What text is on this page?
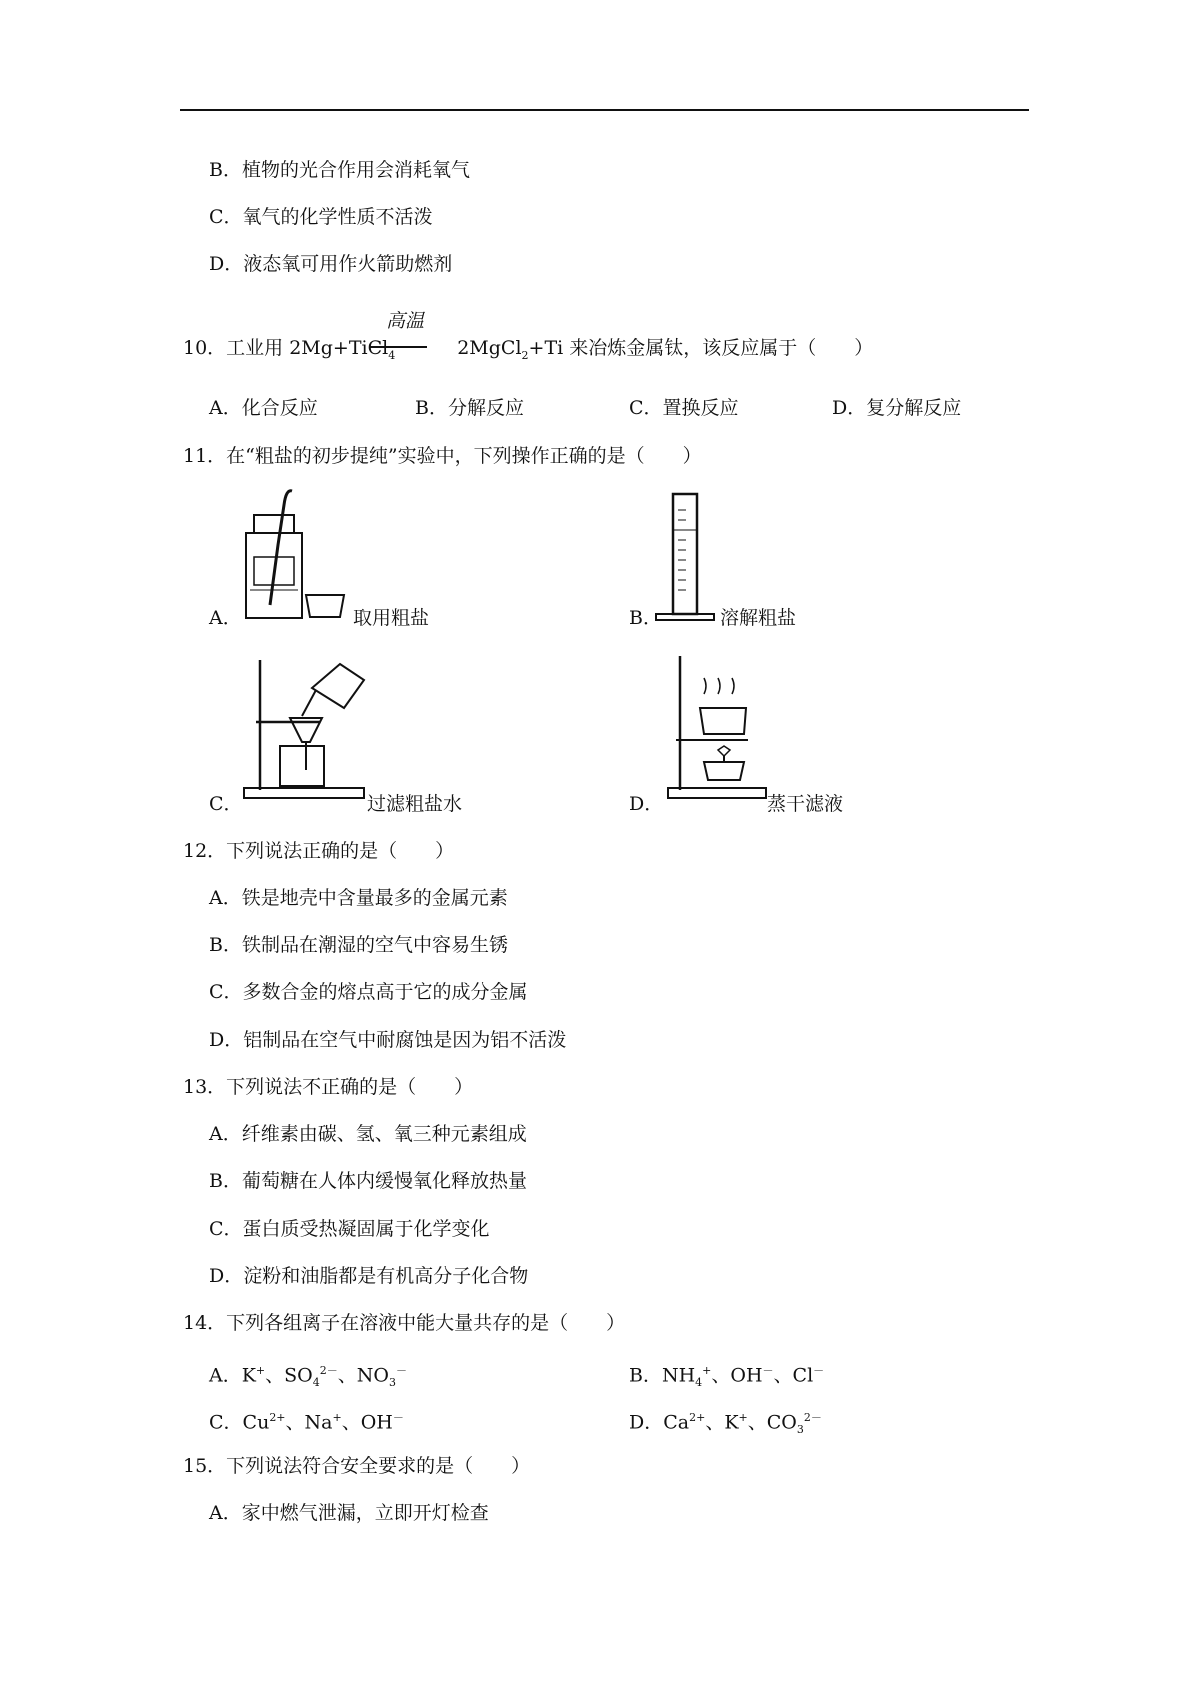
B．植物的光合作用会消耗氧气
C．氧气的化学性质不活泼
D．液态氧可用作火箭助燃剂
高温
10．工业用 2Mg+TiCl$_4$	2MgCl$_2$+Ti 来冶炼金属钛，该反应属于（　　）
A．化合反应	B．分解反应	C．置换反应	D．复分解反应
11．在“粗盐的初步提纯”实验中，下列操作正确的是（　　）
A．	取用粗盐	B．	溶解粗盐
C．	过滤粗盐水	D．	蒸干滤液
12．下列说法正确的是（　　）
A．铁是地壳中含量最多的金属元素
B．铁制品在潮湿的空气中容易生锈
C．多数合金的熔点高于它的成分金属
D．铝制品在空气中耐腐蚀是因为铝不活泼
13．下列说法不正确的是（　　）
A．纤维素由碳、氢、氧三种元素组成
B．葡萄糖在人体内缓慢氧化释放热量
C．蛋白质受热凝固属于化学变化
D．淀粉和油脂都是有机高分子化合物
14．下列各组离子在溶液中能大量共存的是（　　）
A．K+、$SO_4^{2-}$、$NO_3^-$	B．$NH_4^+$、OH－、Cl－
C．$Cu^{2+}$、Na+、OH－	D．$Ca^{2+}$、K+、$CO_3^{2-}$
15．下列说法符合安全要求的是（　　）
A．家中燃气泄漏，立即开灯检查
